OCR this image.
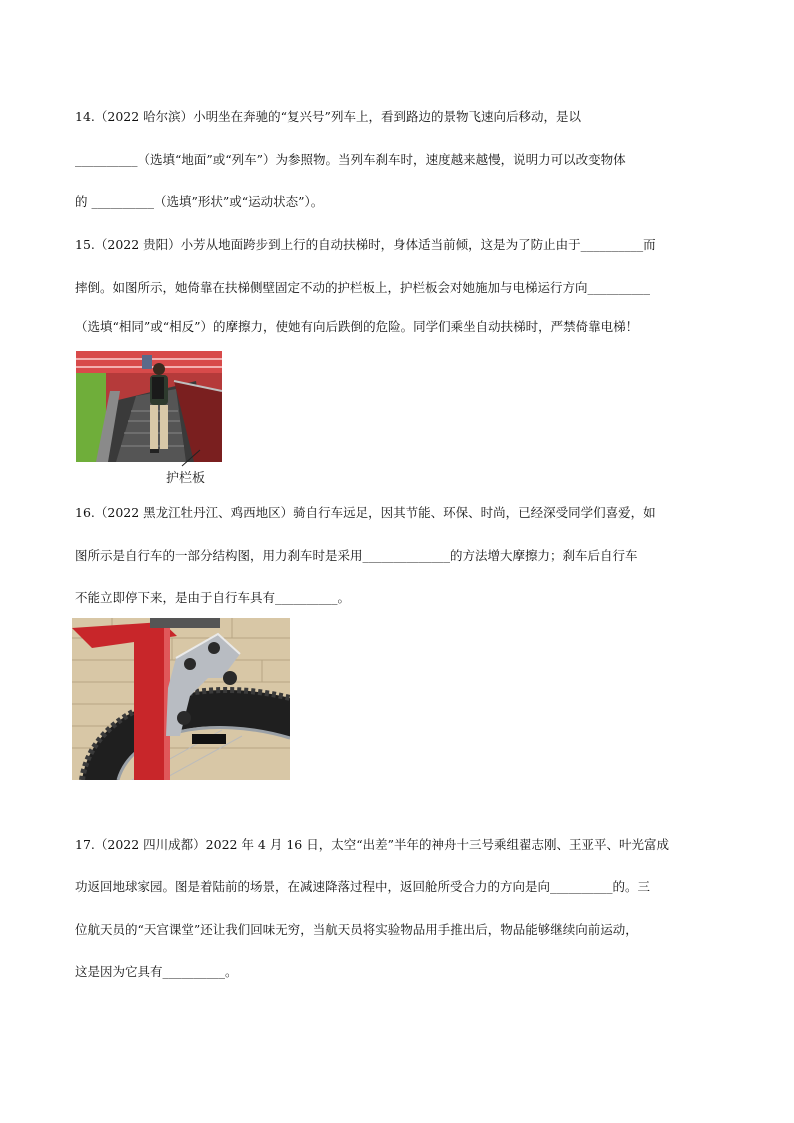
14.（2022 哈尔滨）小明坐在奔驰的“复兴号”列车上，看到路边的景物飞速向后移动，是以
__________（选填“地面”或“列车”）为参照物。当列车刹车时，速度越来越慢，说明力可以改变物体
的 __________（选填”形状”或“运动状态”）。
15.（2022 贵阳）小芳从地面跨步到上行的自动扶梯时，身体适当前倾，这是为了防止由于__________而
摔倒。如图所示，她倚靠在扶梯侧壁固定不动的护栏板上，护栏板会对她施加与电梯运行方向__________
（选填“相同”或“相反”）的摩擦力，使她有向后跌倒的危险。同学们乘坐自动扶梯时，严禁倚靠电梯！
护栏板
16.（2022 黑龙江牡丹江、鸡西地区）骑自行车远足，因其节能、环保、时尚，已经深受同学们喜爱，如
图所示是自行车的一部分结构图，用力刹车时是采用______________的方法增大摩擦力；刹车后自行车
不能立即停下来，是由于自行车具有__________。
17.（2022 四川成都）2022 年 4 月 16 日，太空“出差”半年的神舟十三号乘组翟志刚、王亚平、叶光富成
功返回地球家园。图是着陆前的场景，在减速降落过程中，返回舱所受合力的方向是向__________的。三
位航天员的“天宫课堂”还让我们回味无穷，当航天员将实验物品用手推出后，物品能够继续向前运动，
这是因为它具有__________。
